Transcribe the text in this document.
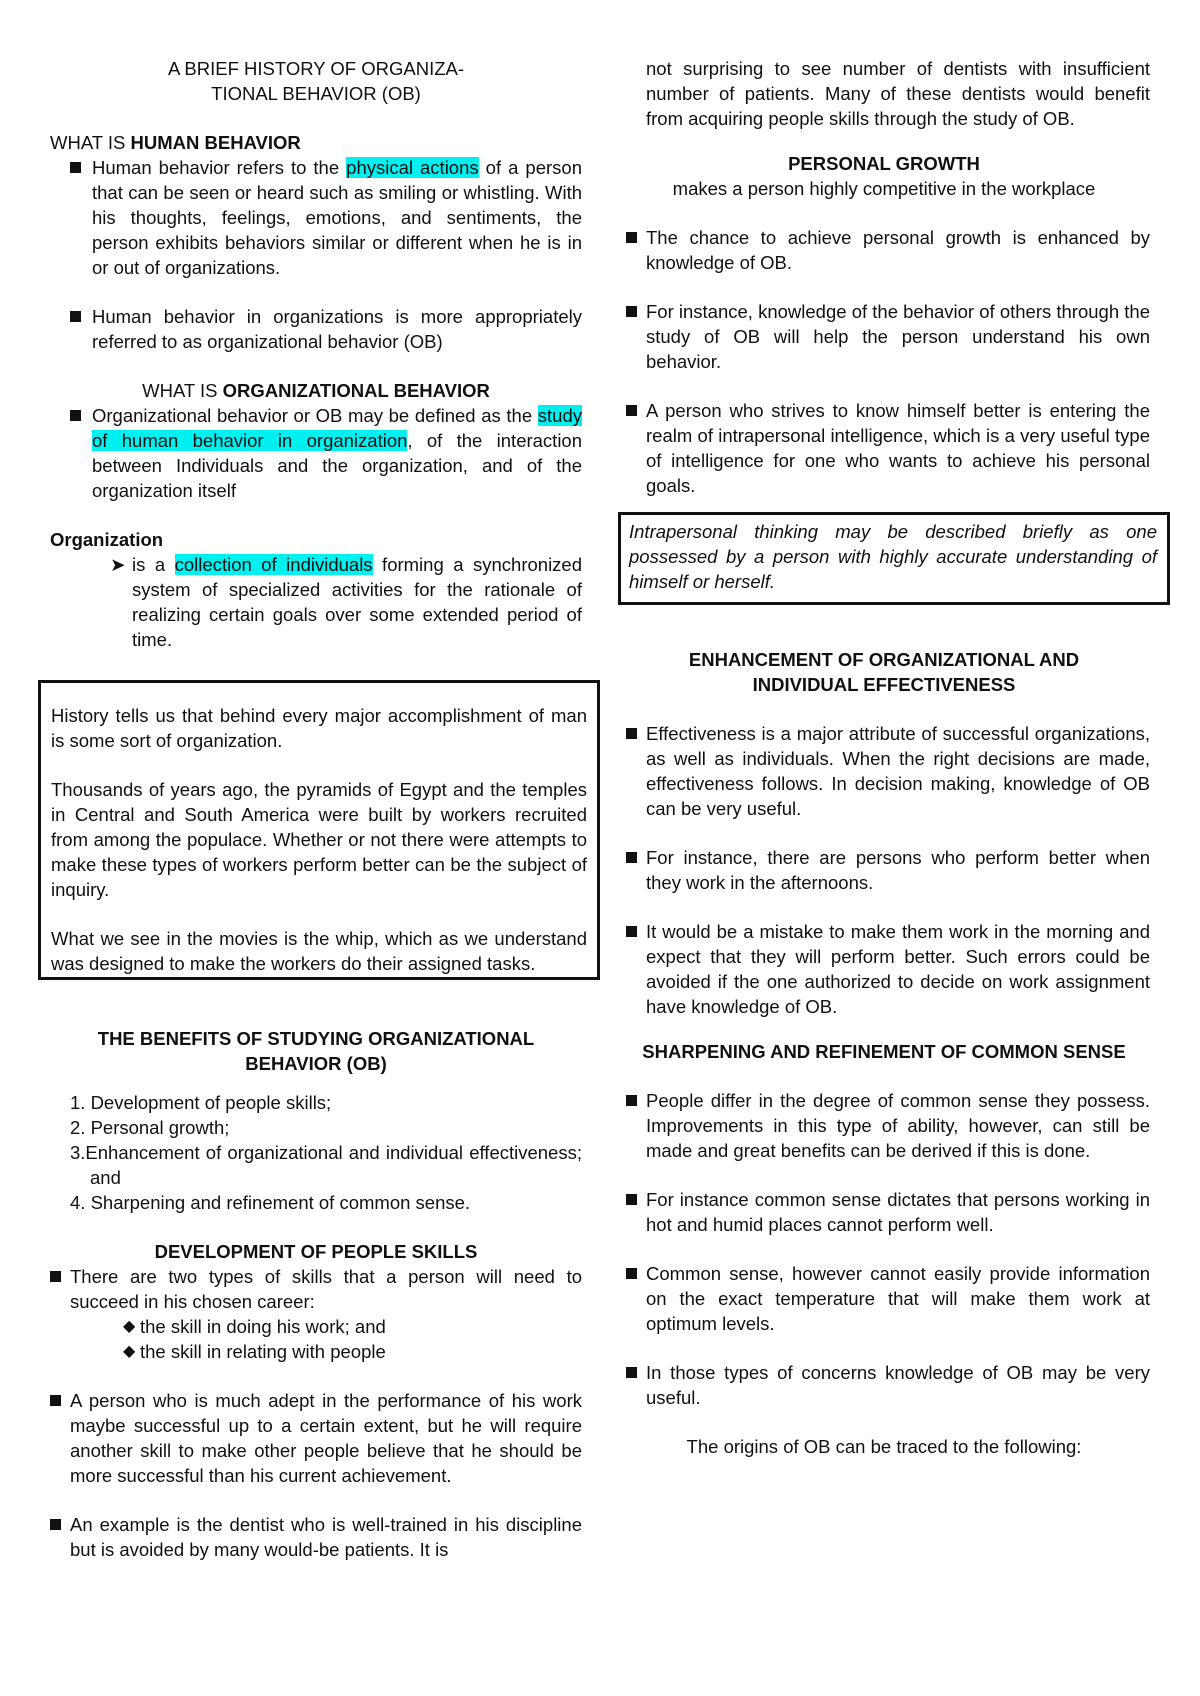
A BRIEF HISTORY OF ORGANIZA-

TIONAL BEHAVIOR (OB)

WHAT IS HUMAN BEHAVIOR

Human behavior refers to the physical actions of a person that can be seen or heard such as smiling or whistling. With his thoughts, feelings, emotions, and sentiments, the person exhibits behaviors similar or different when he is in or out of organizations.
Human behavior in organizations is more appropriately referred to as organizational behavior (OB)

WHAT IS ORGANIZATIONAL BEHAVIOR

Organizational behavior or OB may be defined as the study of human behavior in organization, of the interaction between Individuals and the organization, and of the organization itself

Organization

➤ is a collection of individuals forming a synchronized system of specialized activities for the rationale of realizing certain goals over some extended period of time.

History tells us that behind every major accomplishment of man is some sort of organization.

Thousands of years ago, the pyramids of Egypt and the temples in Central and South America were built by workers recruited from among the populace. Whether or not there were attempts to make these types of workers perform better can be the subject of inquiry.

What we see in the movies is the whip, which as we understand was designed to make the workers do their assigned tasks.

THE BENEFITS OF STUDYING ORGANIZATIONAL

BEHAVIOR (OB)

1. Development of people skills;

2. Personal growth;

3.Enhancement of organizational and individual effectiveness; and

4. Sharpening and refinement of common sense.

DEVELOPMENT OF PEOPLE SKILLS

There are two types of skills that a person will need to succeed in his chosen career:
◆ the skill in doing his work; and
◆ the skill in relating with people
A person who is much adept in the performance of his work maybe successful up to a certain extent, but he will require another skill to make other people believe that he should be more successful than his current achievement.
An example is the dentist who is well-trained in his discipline but is avoided by many would-be patients. It is

not surprising to see number of dentists with insufficient number of patients. Many of these dentists would benefit from acquiring people skills through the study of OB.

PERSONAL GROWTH

makes a person highly competitive in the workplace

The chance to achieve personal growth is enhanced by knowledge of OB.
For instance, knowledge of the behavior of others through the study of OB will help the person understand his own behavior.
A person who strives to know himself better is entering the realm of intrapersonal intelligence, which is a very useful type of intelligence for one who wants to achieve his personal goals.
Intrapersonal thinking may be described briefly as one possessed by a person with highly accurate understanding of himself or herself.

ENHANCEMENT OF ORGANIZATIONAL AND

INDIVIDUAL EFFECTIVENESS

Effectiveness is a major attribute of successful organizations, as well as individuals. When the right decisions are made, effectiveness follows. In decision making, knowledge of OB can be very useful.
For instance, there are persons who perform better when they work in the afternoons.
It would be a mistake to make them work in the morning and expect that they will perform better. Such errors could be avoided if the one authorized to decide on work assignment have knowledge of OB.

SHARPENING AND REFINEMENT OF COMMON SENSE

People differ in the degree of common sense they possess. Improvements in this type of ability, however, can still be made and great benefits can be derived if this is done.
For instance common sense dictates that persons working in hot and humid places cannot perform well.
Common sense, however cannot easily provide information on the exact temperature that will make them work at optimum levels.
In those types of concerns knowledge of OB may be very useful.

The origins of OB can be traced to the following:
